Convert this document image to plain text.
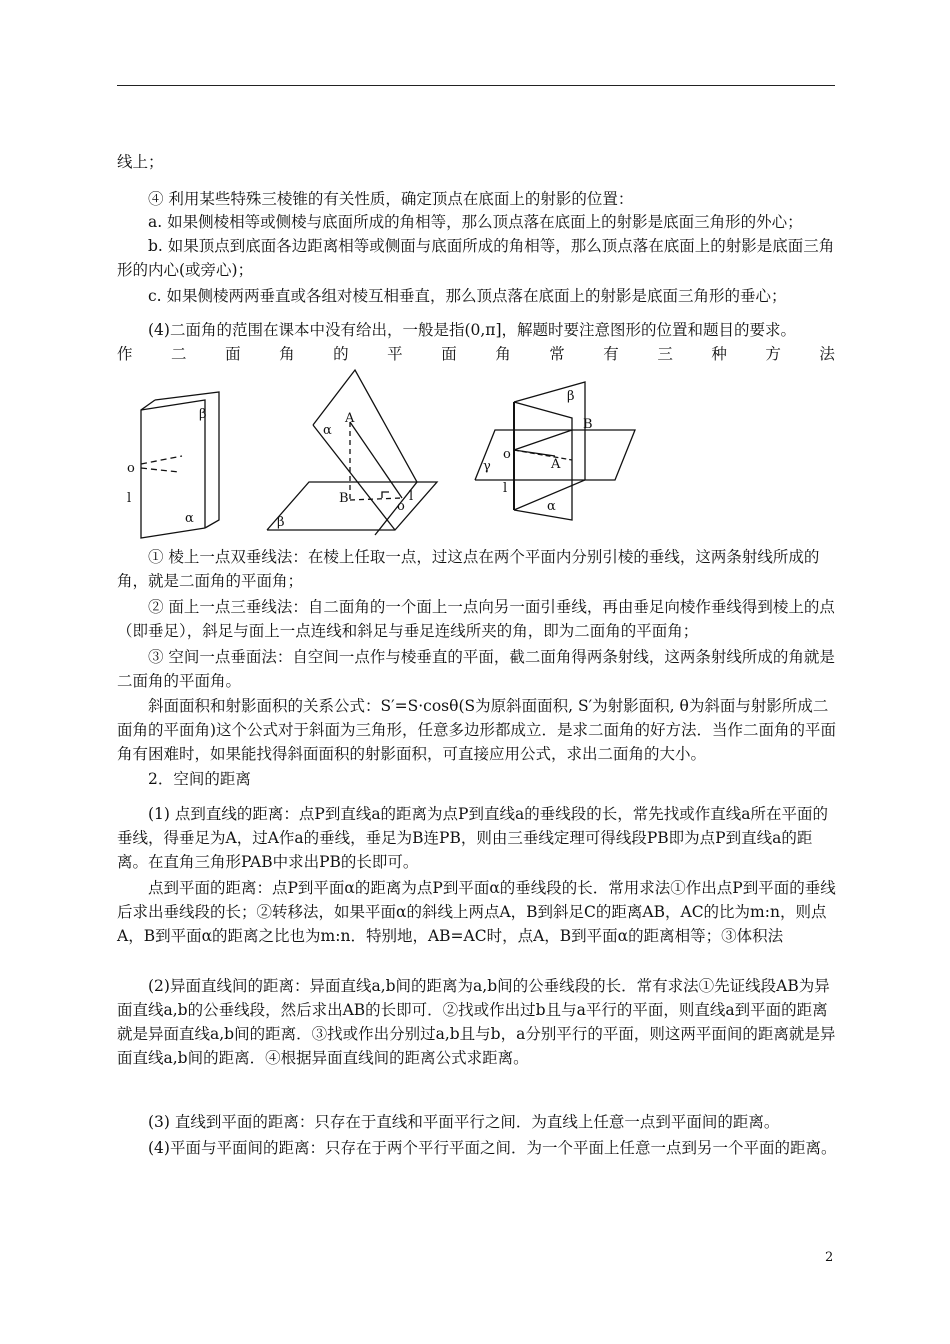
线上；

④ 利用某些特殊三棱锥的有关性质，确定顶点在底面上的射影的位置：

a. 如果侧棱相等或侧棱与底面所成的角相等，那么顶点落在底面上的射影是底面三角形的外心；

b. 如果顶点到底面各边距离相等或侧面与底面所成的角相等，那么顶点落在底面上的射影是底面三角形的内心(或旁心)；

c. 如果侧棱两两垂直或各组对棱互相垂直，那么顶点落在底面上的射影是底面三角形的垂心；

(4)二面角的范围在课本中没有给出，一般是指(0,π]，解题时要注意图形的位置和题目的要求。

作 二 面 角 的 平 面 角 常 有 三 种 方 法
β
o
l
α
α
A
B
o
l
β
β
B
γ
o
A
l
α

① 棱上一点双垂线法：在棱上任取一点，过这点在两个平面内分别引棱的垂线，这两条射线所成的角，就是二面角的平面角；

② 面上一点三垂线法：自二面角的一个面上一点向另一面引垂线，再由垂足向棱作垂线得到棱上的点（即垂足），斜足与面上一点连线和斜足与垂足连线所夹的角，即为二面角的平面角；

③ 空间一点垂面法：自空间一点作与棱垂直的平面，截二面角得两条射线，这两条射线所成的角就是二面角的平面角。

斜面面积和射影面积的关系公式：S′=S·cosθ(S为原斜面面积, S′为射影面积, θ为斜面与射影所成二面角的平面角)这个公式对于斜面为三角形，任意多边形都成立．是求二面角的好方法．当作二面角的平面角有困难时，如果能找得斜面面积的射影面积，可直接应用公式，求出二面角的大小。

2．空间的距离

(1) 点到直线的距离：点P到直线a的距离为点P到直线a的垂线段的长，常先找或作直线a所在平面的垂线，得垂足为A，过A作a的垂线，垂足为B连PB，则由三垂线定理可得线段PB即为点P到直线a的距离。在直角三角形PAB中求出PB的长即可。

点到平面的距离：点P到平面α的距离为点P到平面α的垂线段的长．常用求法①作出点P到平面的垂线后求出垂线段的长；②转移法，如果平面α的斜线上两点A，B到斜足C的距离AB，AC的比为m:n，则点A，B到平面α的距离之比也为m:n．特别地，AB=AC时，点A，B到平面α的距离相等；③体积法

(2)异面直线间的距离：异面直线a,b间的距离为a,b间的公垂线段的长．常有求法①先证线段AB为异面直线a,b的公垂线段，然后求出AB的长即可．②找或作出过b且与a平行的平面，则直线a到平面的距离就是异面直线a,b间的距离．③找或作出分别过a,b且与b，a分别平行的平面，则这两平面间的距离就是异面直线a,b间的距离．④根据异面直线间的距离公式求距离。

(3) 直线到平面的距离：只存在于直线和平面平行之间．为直线上任意一点到平面间的距离。

(4)平面与平面间的距离：只存在于两个平行平面之间．为一个平面上任意一点到另一个平面的距离。

2
